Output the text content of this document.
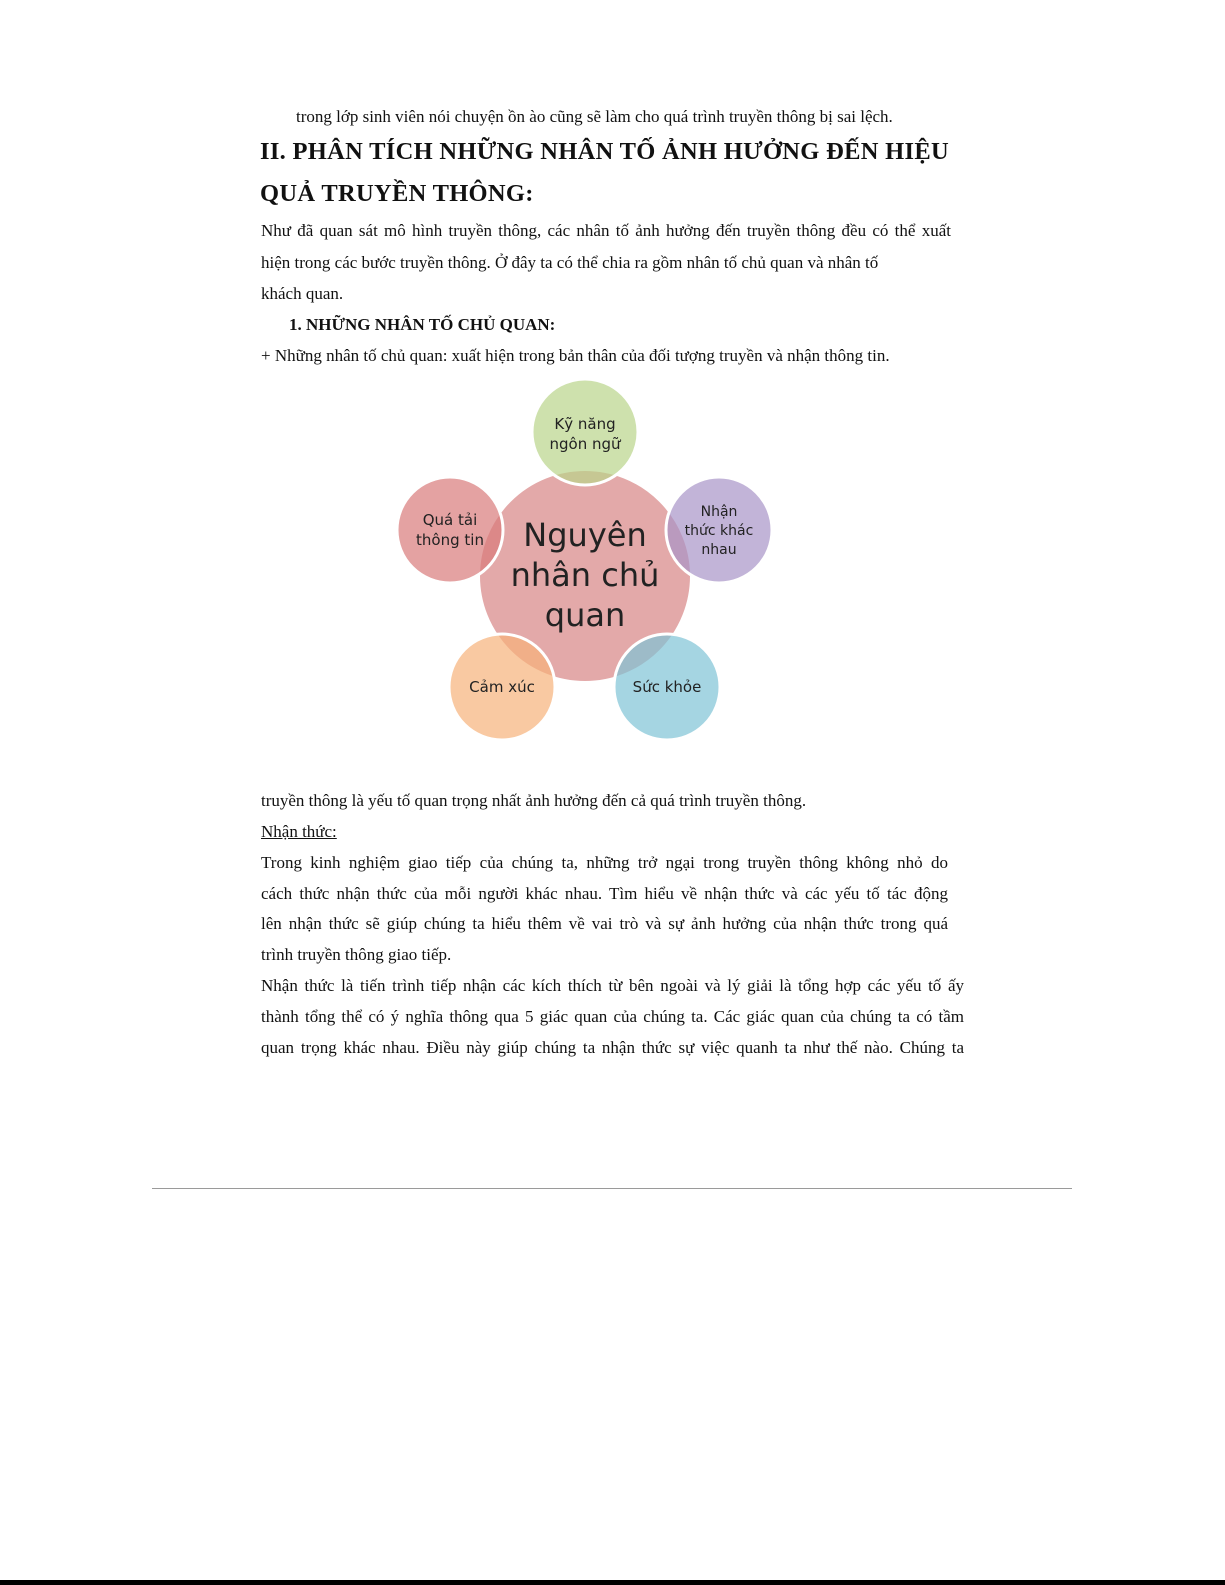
trong lớp sinh viên nói chuyện ồn ào cũng sẽ làm cho quá trình truyền thông bị sai lệch.
II. PHÂN TÍCH NHỮNG NHÂN TỐ ẢNH HƯỞNG ĐẾN HIỆU
QUẢ TRUYỀN THÔNG:
Như đã quan sát mô hình truyền thông, các nhân tố ảnh hưởng đến truyền thông đều có thể xuất
hiện trong các bước truyền thông. Ở đây ta có thể chia ra gồm nhân tố chủ quan và nhân tố
khách quan.
1. NHỮNG NHÂN TỐ CHỦ QUAN:
+ Những nhân tố chủ quan: xuất hiện trong bản thân của đối tượng truyền và nhận thông tin.
Nguyên
nhân chủ
quan
Kỹ năng
ngôn ngữ
Nhận
thức khác
nhau
Sức khỏe
Cảm xúc
Quá tải
thông tin
truyền thông là yếu tố quan trọng nhất ảnh hưởng đến cả quá trình truyền thông.
Nhận thức:
Trong kinh nghiệm giao tiếp của chúng ta, những trở ngại trong truyền thông không nhỏ do
cách thức nhận thức của mỗi người khác nhau. Tìm hiểu về nhận thức và các yếu tố tác động
lên nhận thức sẽ giúp chúng ta hiểu thêm về vai trò và sự ảnh hưởng của nhận thức trong quá
trình truyền thông giao tiếp.
Nhận thức là tiến trình tiếp nhận các kích thích từ bên ngoài và lý giải là tổng hợp các yếu tố ấy
thành tổng thể có ý nghĩa thông qua 5 giác quan của chúng ta. Các giác quan của chúng ta có tầm
quan trọng khác nhau. Điều này giúp chúng ta nhận thức sự việc quanh ta như thế nào. Chúng ta
